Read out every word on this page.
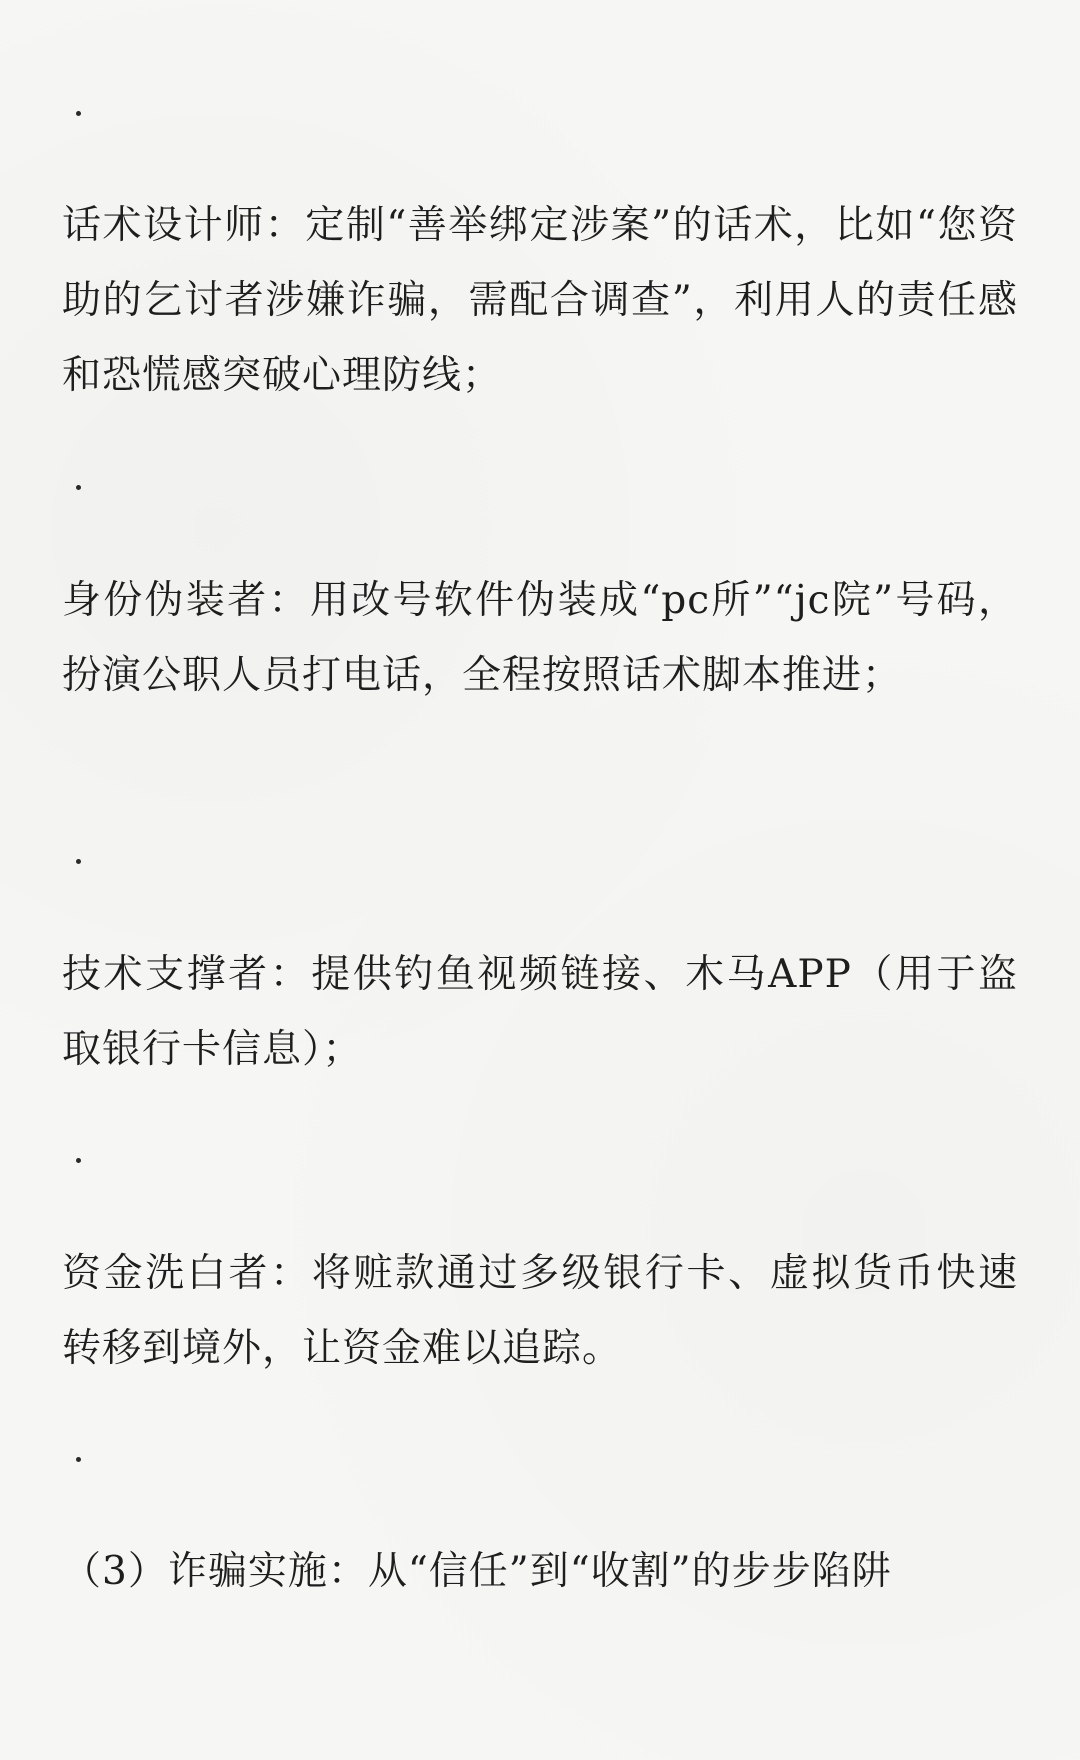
话术设计师：定制“善举绑定涉案”的话术，比如“您资助的乞讨者涉嫌诈骗，需配合调查”，利用人的责任感和恐慌感突破心理防线；

身份伪装者：用改号软件伪装成“pc所”“jc院”号码，扮演公职人员打电话，全程按照话术脚本推进；

技术支撑者：提供钓鱼视频链接、木马APP（用于盗取银行卡信息）；

资金洗白者：将赃款通过多级银行卡、虚拟货币快速转移到境外，让资金难以追踪。

（3）诈骗实施：从“信任”到“收割”的步步陷阱
